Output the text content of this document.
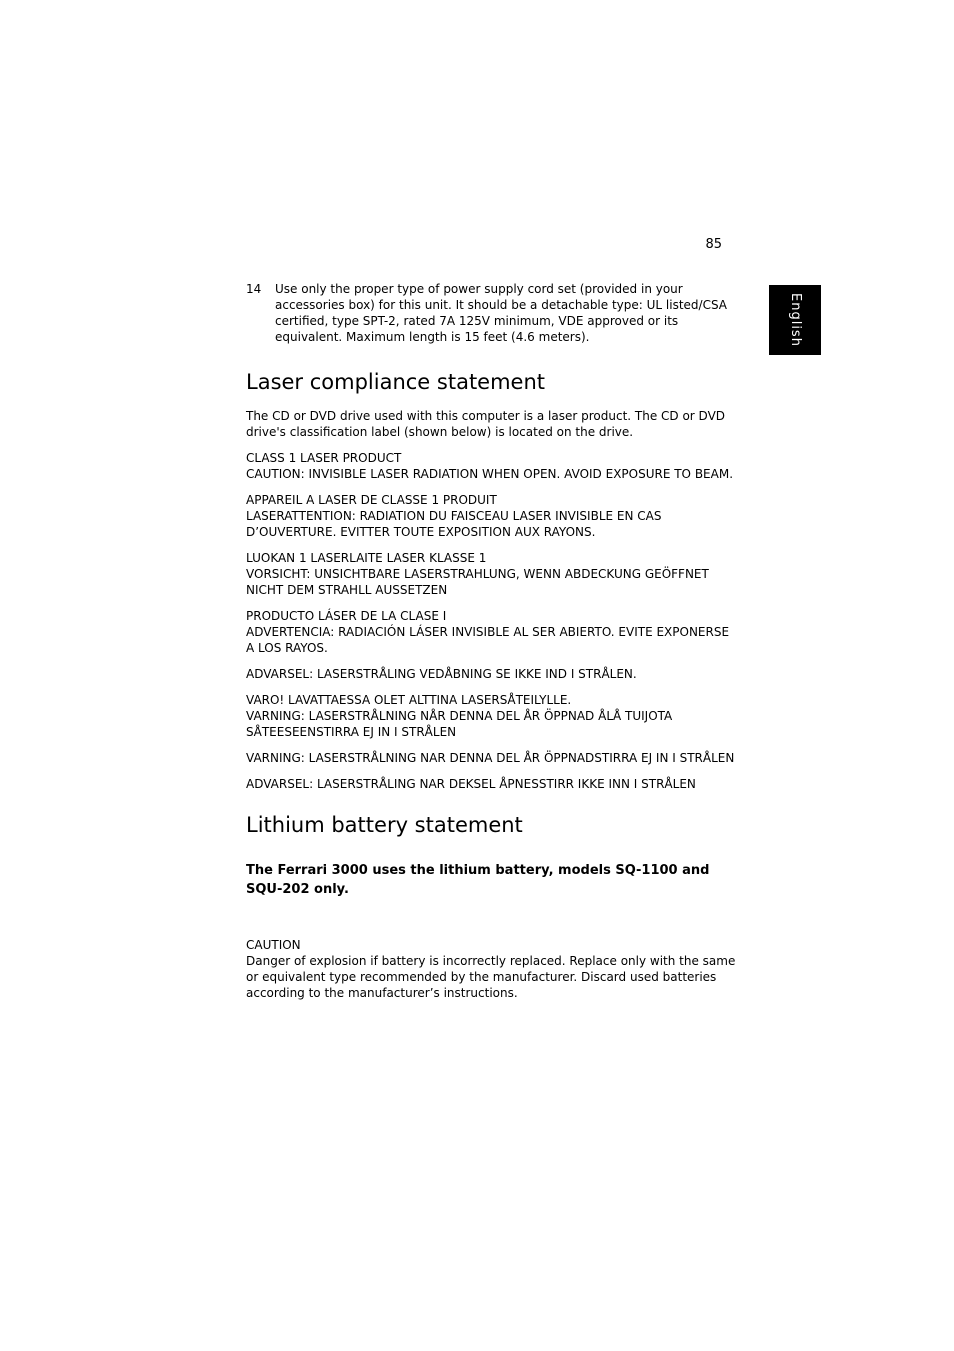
85
English
14	Use only the proper type of power supply cord set (provided in your accessories box) for this unit. It should be a detachable type: UL listed/CSA certified, type SPT-2, rated 7A 125V minimum, VDE approved or its equivalent. Maximum length is 15 feet (4.6 meters).
Laser compliance statement

The CD or DVD drive used with this computer is a laser product. The CD or DVD drive's classification label (shown below) is located on the drive.

CLASS 1 LASER PRODUCT
CAUTION: INVISIBLE LASER RADIATION WHEN OPEN. AVOID EXPOSURE TO BEAM.

APPAREIL A LASER DE CLASSE 1 PRODUIT
LASERATTENTION: RADIATION DU FAISCEAU LASER INVISIBLE EN CAS D’OUVERTURE. EVITTER TOUTE EXPOSITION AUX RAYONS.

LUOKAN 1 LASERLAITE LASER KLASSE 1
VORSICHT: UNSICHTBARE LASERSTRAHLUNG, WENN ABDECKUNG GEÖFFNET NICHT DEM STRAHLL AUSSETZEN

PRODUCTO LÁSER DE LA CLASE I
ADVERTENCIA: RADIACIÓN LÁSER INVISIBLE AL SER ABIERTO. EVITE EXPONERSE A LOS RAYOS.

ADVARSEL: LASERSTRÅLING VEDÅBNING SE IKKE IND I STRÅLEN.

VARO! LAVATTAESSA OLET ALTTINA LASERSÅTEILYLLE.
VARNING: LASERSTRÅLNING NÅR DENNA DEL ÅR ÖPPNAD ÅLÅ TUIJOTA SÅTEESEENSTIRRA EJ IN I STRÅLEN

VARNING: LASERSTRÅLNING NAR DENNA DEL ÅR ÖPPNADSTIRRA EJ IN I STRÅLEN

ADVARSEL: LASERSTRÅLING NAR DEKSEL ÅPNESSTIRR IKKE INN I STRÅLEN

Lithium battery statement

The Ferrari 3000 uses the lithium battery, models SQ-1100 and SQU-202 only.

CAUTION
Danger of explosion if battery is incorrectly replaced. Replace only with the same or equivalent type recommended by the manufacturer. Discard used batteries according to the manufacturer’s instructions.
